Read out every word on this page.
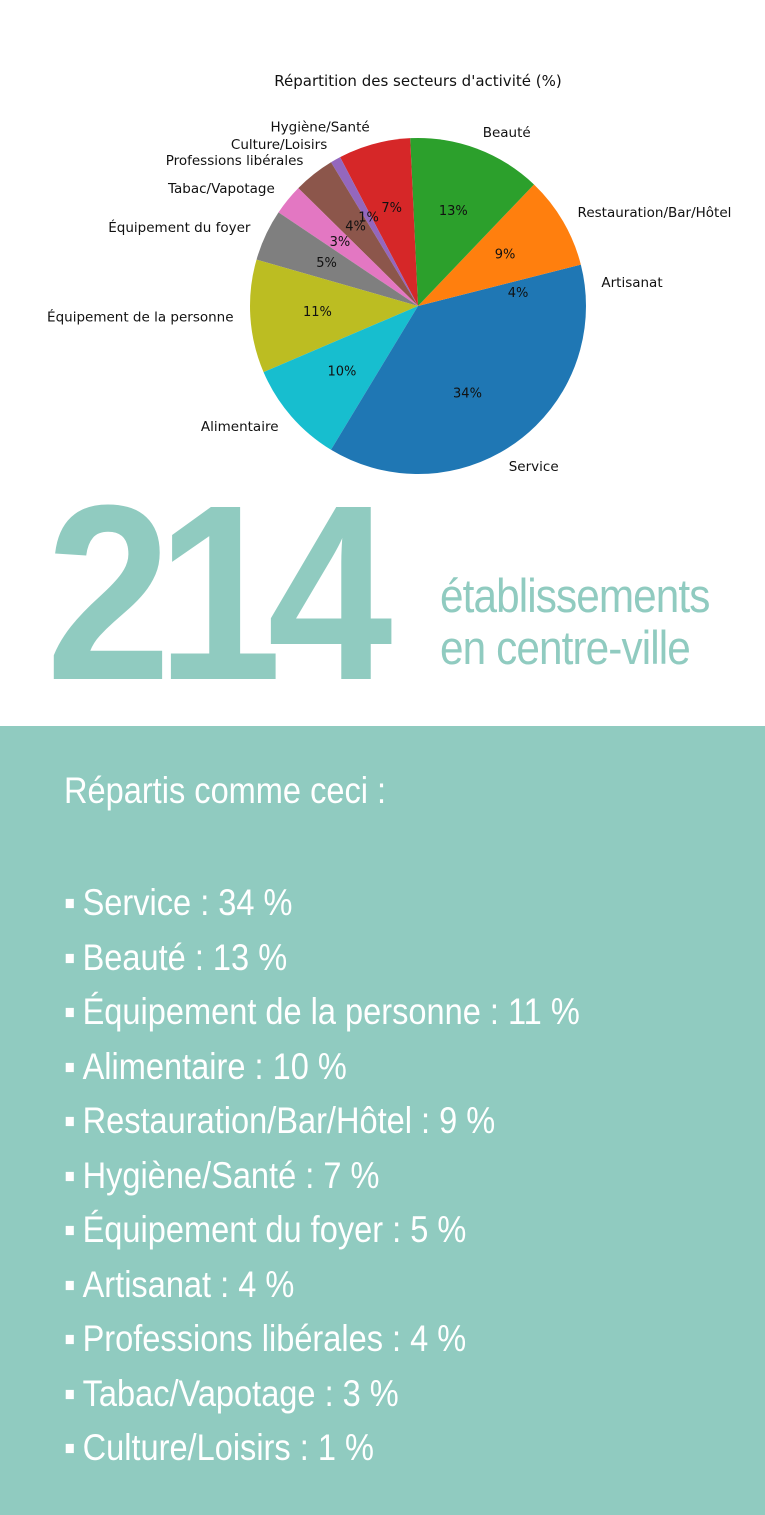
Répartition des secteurs d'activité (%)
4%
9%
13%
7%
1%
4%
3%
5%
11%
10%
34%
Artisanat
Restauration/Bar/Hôtel
Beauté
Hygiène/Santé
Culture/Loisirs
Professions libérales
Tabac/Vapotage
Équipement du foyer
Équipement de la personne
Alimentaire
Service
214 établissements
en centre-ville
Répartis comme ceci :
▪ Service : 34 %
▪ Beauté : 13 %
▪ Équipement de la personne : 11 %
▪ Alimentaire : 10 %
▪ Restauration/Bar/Hôtel : 9 %
▪ Hygiène/Santé : 7 %
▪ Équipement du foyer : 5 %
▪ Artisanat : 4 %
▪ Professions libérales : 4 %
▪ Tabac/Vapotage : 3 %
▪ Culture/Loisirs : 1 %
